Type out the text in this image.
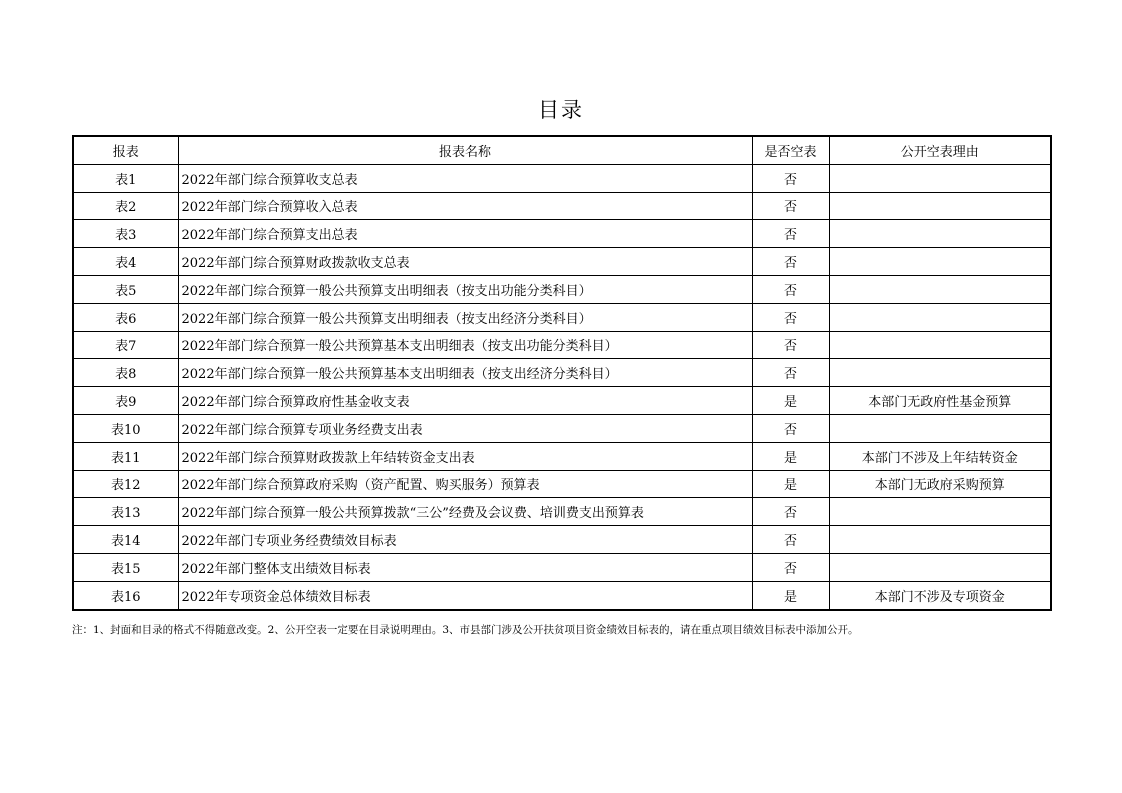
目录
报表	报表名称	是否空表	公开空表理由
表1	2022年部门综合预算收支总表	否	
表2	2022年部门综合预算收入总表	否	
表3	2022年部门综合预算支出总表	否	
表4	2022年部门综合预算财政拨款收支总表	否	
表5	2022年部门综合预算一般公共预算支出明细表（按支出功能分类科目）	否	
表6	2022年部门综合预算一般公共预算支出明细表（按支出经济分类科目）	否	
表7	2022年部门综合预算一般公共预算基本支出明细表（按支出功能分类科目）	否	
表8	2022年部门综合预算一般公共预算基本支出明细表（按支出经济分类科目）	否	
表9	2022年部门综合预算政府性基金收支表	是	本部门无政府性基金预算
表10	2022年部门综合预算专项业务经费支出表	否	
表11	2022年部门综合预算财政拨款上年结转资金支出表	是	本部门不涉及上年结转资金
表12	2022年部门综合预算政府采购（资产配置、购买服务）预算表	是	本部门无政府采购预算
表13	2022年部门综合预算一般公共预算拨款“三公”经费及会议费、培训费支出预算表	否	
表14	2022年部门专项业务经费绩效目标表	否	
表15	2022年部门整体支出绩效目标表	否	
表16	2022年专项资金总体绩效目标表	是	本部门不涉及专项资金
注：1、封面和目录的格式不得随意改变。2、公开空表一定要在目录说明理由。3、市县部门涉及公开扶贫项目资金绩效目标表的，请在重点项目绩效目标表中添加公开。
